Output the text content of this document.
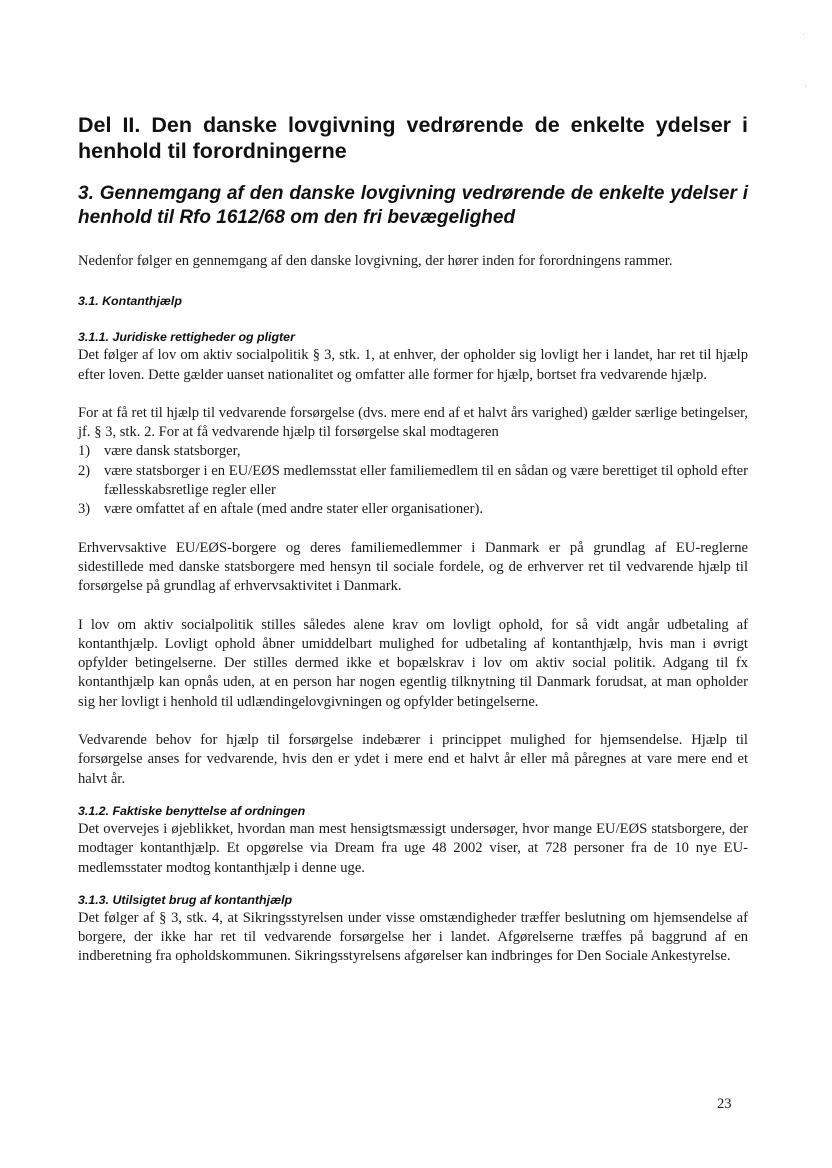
Del II. Den danske lovgivning vedrørende de enkelte ydelser i henhold til forordningerne
3. Gennemgang af den danske lovgivning vedrørende de enkelte ydelser i henhold til Rfo 1612/68 om den fri bevægelighed

Nedenfor følger en gennemgang af den danske lovgivning, der hører inden for forordningens rammer.

3.1. Kontanthjælp
3.1.1. Juridiske rettigheder og pligter

Det følger af lov om aktiv socialpolitik § 3, stk. 1, at enhver, der opholder sig lovligt her i landet, har ret til hjælp efter loven. Dette gælder uanset nationalitet og omfatter alle former for hjælp, bortset fra vedvarende hjælp.

For at få ret til hjælp til vedvarende forsørgelse (dvs. mere end af et halvt års varighed) gælder særlige betingelser, jf. § 3, stk. 2. For at få vedvarende hjælp til forsørgelse skal modtageren

1) være dansk statsborger,
2) være statsborger i en EU/EØS medlemsstat eller familiemedlem til en sådan og være berettiget til ophold efter fællesskabsretlige regler eller
3) være omfattet af en aftale (med andre stater eller organisationer).

Erhvervsaktive EU/EØS-borgere og deres familiemedlemmer i Danmark er på grundlag af EU-reglerne sidestillede med danske statsborgere med hensyn til sociale fordele, og de erhverver ret til vedvarende hjælp til forsørgelse på grundlag af erhvervsaktivitet i Danmark.

I lov om aktiv socialpolitik stilles således alene krav om lovligt ophold, for så vidt angår udbetaling af kontanthjælp. Lovligt ophold åbner umiddelbart mulighed for udbetaling af kontanthjælp, hvis man i øvrigt opfylder betingelserne. Der stilles dermed ikke et bopælskrav i lov om aktiv social politik. Adgang til fx kontanthjælp kan opnås uden, at en person har nogen egentlig tilknytning til Danmark forudsat, at man opholder sig her lovligt i henhold til udlændingelovgivningen og opfylder betingelserne.

Vedvarende behov for hjælp til forsørgelse indebærer i princippet mulighed for hjemsendelse. Hjælp til forsørgelse anses for vedvarende, hvis den er ydet i mere end et halvt år eller må påregnes at vare mere end et halvt år.

3.1.2. Faktiske benyttelse af ordningen

Det overvejes i øjeblikket, hvordan man mest hensigtsmæssigt undersøger, hvor mange EU/EØS statsborgere, der modtager kontanthjælp. Et opgørelse via Dream fra uge 48 2002 viser, at 728 personer fra de 10 nye EU-medlemsstater modtog kontanthjælp i denne uge.

3.1.3. Utilsigtet brug af kontanthjælp

Det følger af § 3, stk. 4, at Sikringsstyrelsen under visse omstændigheder træffer beslutning om hjemsendelse af borgere, der ikke har ret til vedvarende forsørgelse her i landet. Afgørelserne træffes på baggrund af en indberetning fra opholdskommunen. Sikringsstyrelsens afgørelser kan indbringes for Den Sociale Ankestyrelse.

23
